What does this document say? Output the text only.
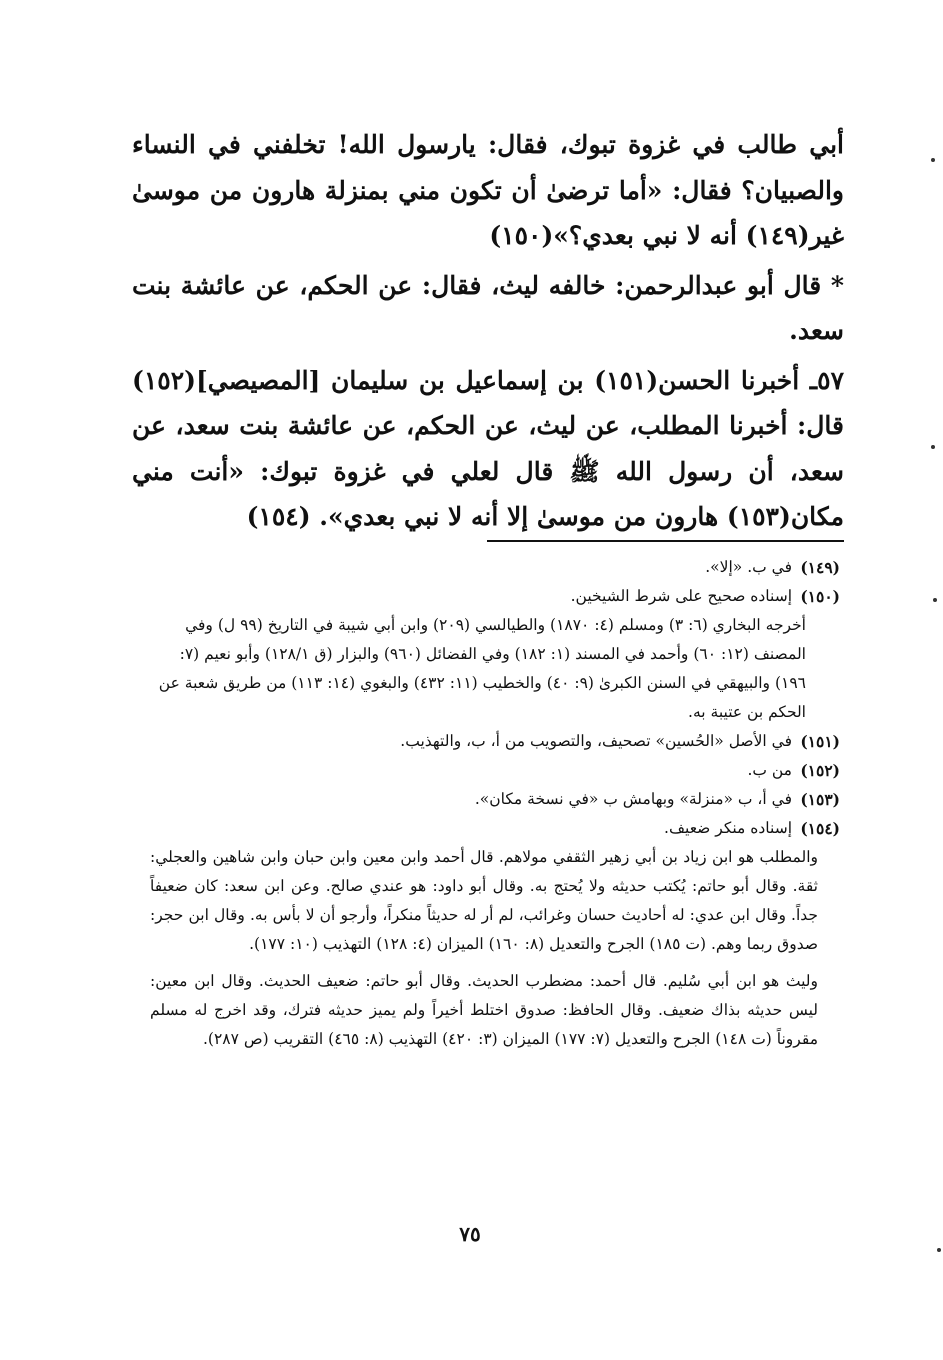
أبي طالب في غزوة تبوك، فقال: يارسول الله! تخلفني في النساء والصبيان؟ فقال: «أما ترضىٰ أن تكون مني بمنزلة هارون من موسىٰ غير(١٤٩) أنه لا نبي بعدي؟»(١٥٠)

* قال أبو عبدالرحمن: خالفه ليث، فقال: عن الحكم، عن عائشة بنت سعد.

٥٧ـ أخبرنا الحسن(١٥١) بن إسماعيل بن سليمان [المصيصي](١٥٢) قال: أخبرنا المطلب، عن ليث، عن الحكم، عن عائشة بنت سعد، عن سعد، أن رسول الله ﷺ قال لعلي في غزوة تبوك: «أنت مني مكان(١٥٣) هارون من موسىٰ إلا أنه لا نبي بعدي». (١٥٤)

(١٤٩)
في ب. «إلا».
(١٥٠)
إسناده صحيح على شرط الشيخين.
أخرجه البخاري (٦: ٣) ومسلم (٤: ١٨٧٠) والطيالسي (٢٠٩) وابن أبي شيبة في التاريخ (٩٩ ل) وفي المصنف (١٢: ٦٠) وأحمد في المسند (١: ١٨٢) وفي الفضائل (٩٦٠) والبزار (ق ١٢٨/١) وأبو نعيم (٧: ١٩٦) والبيهقي في السنن الكبرىٰ (٩: ٤٠) والخطيب (١١: ٤٣٢) والبغوي (١٤: ١١٣) من طريق شعبة عن الحكم بن عتيبة به.
(١٥١)
في الأصل «الحُسين» تصحيف، والتصويب من أ، ب، والتهذيب.
(١٥٢)
من ب.
(١٥٣)
في أ، ب «منزلة» وبهامش ب «في نسخة مكان».
(١٥٤)
إسناده منكر ضعيف.
والمطلب هو ابن زياد بن أبي زهير الثقفي مولاهم. قال أحمد وابن معين وابن حبان وابن شاهين والعجلي: ثقة. وقال أبو حاتم: يُكتب حديثه ولا يُحتج به. وقال أبو داود: هو عندي صالح. وعن ابن سعد: كان ضعيفاً جداً. وقال ابن عدي: له أحاديث حسان وغرائب، لم أر له حديثاً منكراً، وأرجو أن لا بأس به. وقال ابن حجر: صدوق ربما وهم. (ت ١٨٥) الجرح والتعديل (٨: ١٦٠) الميزان (٤: ١٢٨) التهذيب (١٠: ١٧٧).
وليث هو ابن أبي سُليم. قال أحمد: مضطرب الحديث. وقال أبو حاتم: ضعيف الحديث. وقال ابن معين: ليس حديثه بذاك ضعيف. وقال الحافظ: صدوق اختلط أخيراً ولم يميز حديثه فترك، وقد اخرج له مسلم مقروناً (ت ١٤٨) الجرح والتعديل (٧: ١٧٧) الميزان (٣: ٤٢٠) التهذيب (٨: ٤٦٥) التقريب (ص ٢٨٧).
٧٥
